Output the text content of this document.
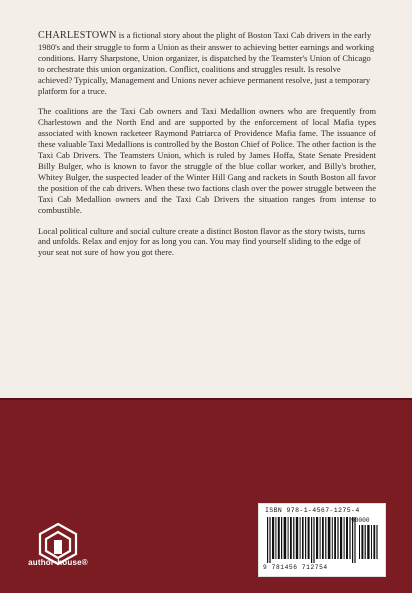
CHARLESTOWN is a fictional story about the plight of Boston Taxi Cab drivers in the early 1980's and their struggle to form a Union as their answer to achieving better earnings and working conditions. Harry Sharpstone, Union organizer, is dispatched by the Teamster's Union of Chicago to orchestrate this union organization. Conflict, coalitions and struggles result. Is resolve achieved? Typically, Management and Unions never achieve permanent resolve, just a temporary platform for a truce.

The coalitions are the Taxi Cab owners and Taxi Medallion owners who are frequently from Charlestown and the North End and are supported by the enforcement of local Mafia types associated with known racketeer Raymond Patriarca of Providence Mafia fame. The issuance of these valuable Taxi Medallions is controlled by the Boston Chief of Police. The other faction is the Taxi Cab Drivers. The Teamsters Union, which is ruled by James Hoffa, State Senate President Billy Bulger, who is known to favor the struggle of the blue collar worker, and Billy's brother, Whitey Bulger, the suspected leader of the Winter Hill Gang and rackets in South Boston all favor the position of the cab drivers. When these two factions clash over the power struggle between the Taxi Cab Medallion owners and the Taxi Cab Drivers the situation ranges from intense to combustible.

Local political culture and social culture create a distinct Boston flavor as the story twists, turns and unfolds. Relax and enjoy for as long you can. You may find yourself sliding to the edge of your seat not sure of how you got there.

author•house®
ISBN 978-1-4567-1275-4
90000
9 781456 712754
